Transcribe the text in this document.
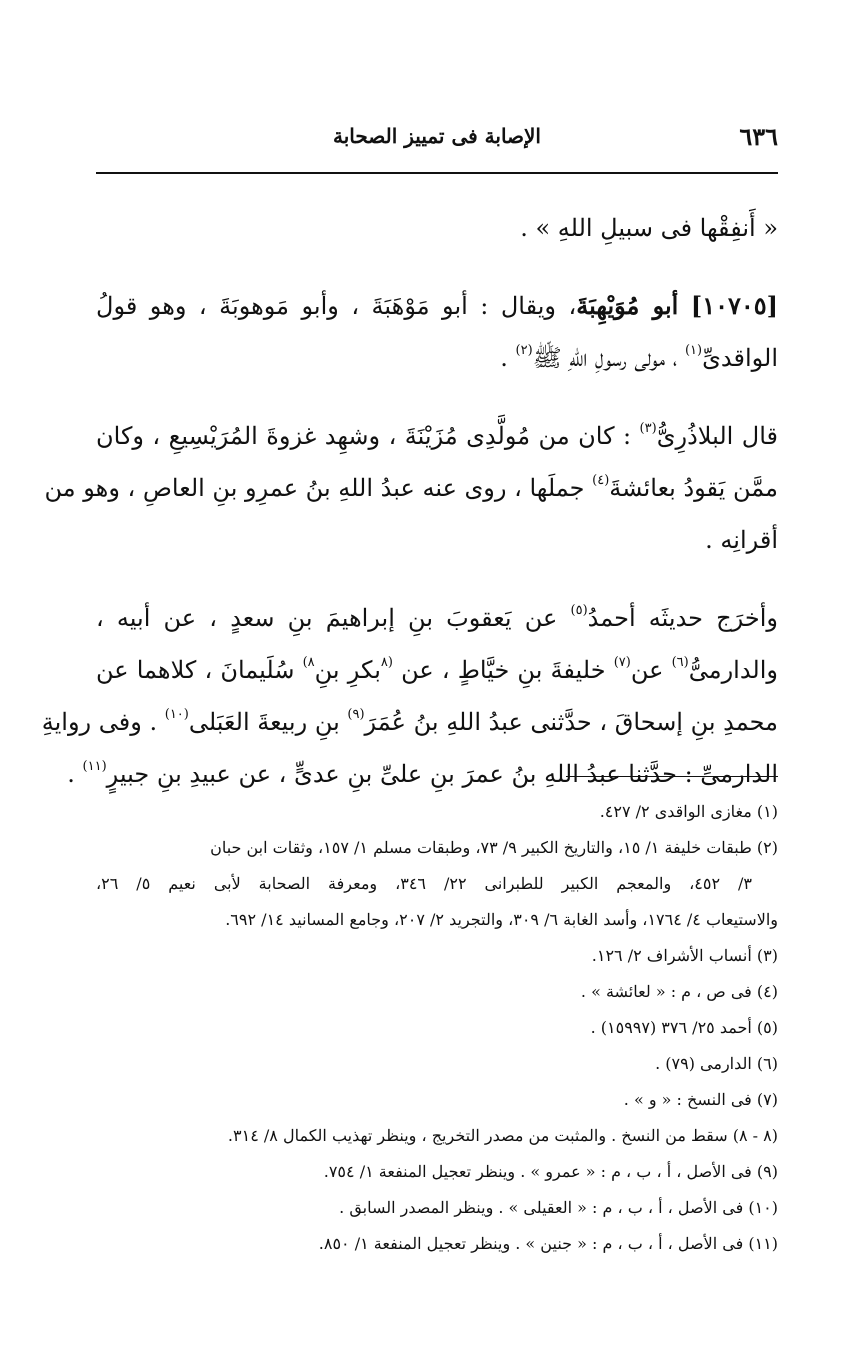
٦٣٦
الإصابة فى تمييز الصحابة
« أَنفِقْها فى سبيلِ اللهِ » .
[١٠٧٠٥] أبو مُوَيْهِبَةَ، ويقال : أبو مَوْهَبَةَ ، وأبو مَوهوبَةَ ، وهو قولُ
الواقدىِّ$^{(١)}$ ، مولى رسولِ اللهِ ﷺ$^{(٢)}$ .
قال البلاذُرِىُّ$^{(٣)}$ : كان من مُولَّدِى مُزَيْنَةَ ، وشهِد غزوةَ المُرَيْسِيعِ ، وكان
ممَّن يَقودُ بعائشةَ$^{(٤)}$ جملَها ، روى عنه عبدُ اللهِ بنُ عمرِو بنِ العاصِ ، وهو من
أقرانِه .
وأخرَج حديثَه أحمدُ$^{(٥)}$ عن يَعقوبَ بنِ إبراهيمَ بنِ سعدٍ ، عن أبيه ،
والدارمىُّ$^{(٦)}$ عن$^{(٧)}$ خليفةَ بنِ خيَّاطٍ ، عن $^{(٨}$بكرِ بنِ$^{٨)}$ سُلَيمانَ ، كلاهما عن
محمدِ بنِ إسحاقَ ، حدَّثنى عبدُ اللهِ بنُ عُمَرَ$^{(٩)}$ بنِ ربيعةَ العَبَلى$^{(١٠)}$ . وفى روايةِ
الدارمىِّ : حدَّثنا عبدُ اللهِ بنُ عمرَ بنِ علىِّ بنِ عدىٍّ ، عن عبيدِ بنِ جبيرٍ$^{(١١)}$ .
(١) مغازى الواقدى ٢/ ٤٢٧.
(٢) طبقات خليفة ١/ ١٥، والتاريخ الكبير ٩/ ٧٣، وطبقات مسلم ١/ ١٥٧، وثقات ابن حبان
٣/ ٤٥٢، والمعجم الكبير للطبرانى ٢٢/ ٣٤٦، ومعرفة الصحابة لأبى نعيم ٥/ ٢٦،
والاستيعاب ٤/ ١٧٦٤، وأسد الغابة ٦/ ٣٠٩، والتجريد ٢/ ٢٠٧، وجامع المسانيد ١٤/ ٦٩٢.
(٣) أنساب الأشراف ٢/ ١٢٦.
(٤) فى ص ، م : « لعائشة » .
(٥) أحمد ٢٥/ ٣٧٦ (١٥٩٩٧) .
(٦) الدارمى (٧٩) .
(٧) فى النسخ : « و » .
(٨ - ٨) سقط من النسخ . والمثبت من مصدر التخريج ، وينظر تهذيب الكمال ٨/ ٣١٤.
(٩) فى الأصل ، أ ، ب ، م : « عمرو » . وينظر تعجيل المنفعة ١/ ٧٥٤.
(١٠) فى الأصل ، أ ، ب ، م : « العقيلى » . وينظر المصدر السابق .
(١١) فى الأصل ، أ ، ب ، م : « جنين » . وينظر تعجيل المنفعة ١/ ٨٥٠.
